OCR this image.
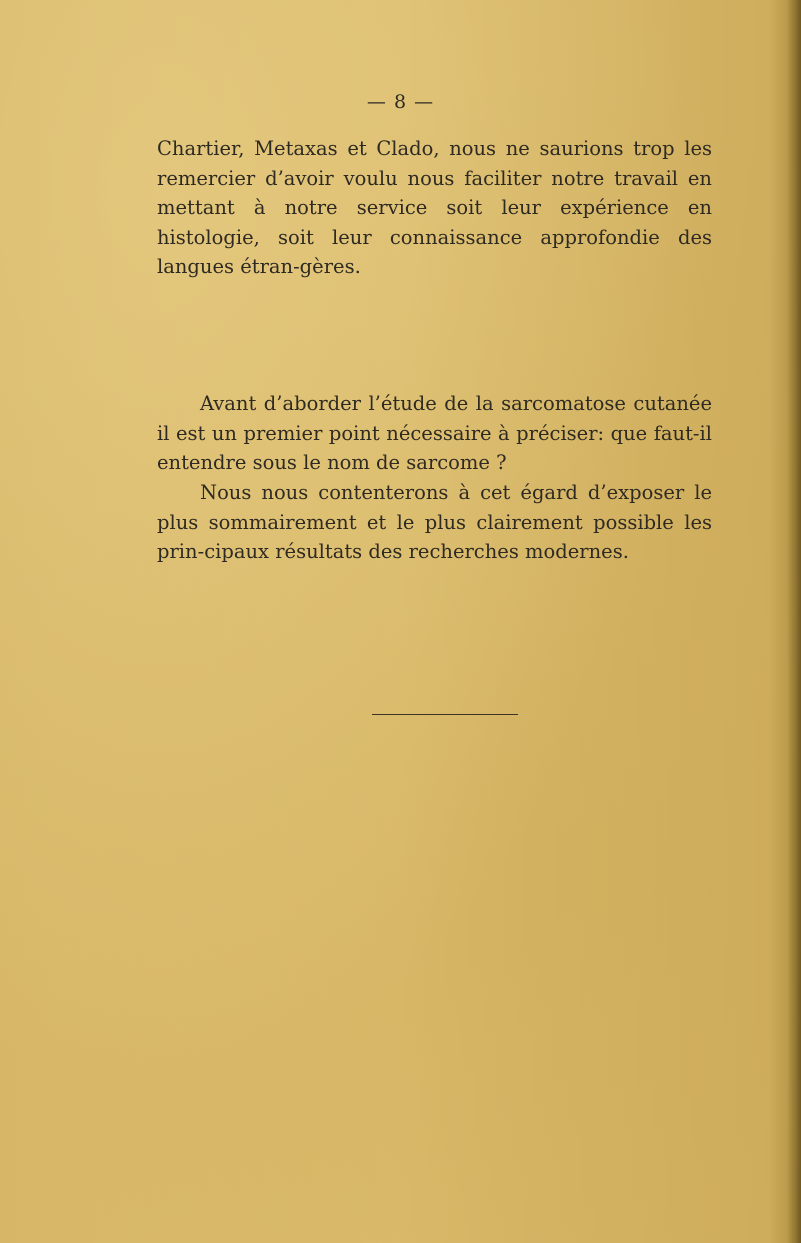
— 8 —

Chartier, Metaxas et Clado, nous ne saurions trop les remercier d’avoir voulu nous faciliter notre travail en mettant à notre service soit leur expérience en histologie, soit leur connaissance approfondie des langues étran-gères.

Avant d’aborder l’étude de la sarcomatose cutanée il est un premier point nécessaire à préciser: que faut-il entendre sous le nom de sarcome ?

Nous nous contenterons à cet égard d’exposer le plus sommairement et le plus clairement possible les prin-cipaux résultats des recherches modernes.
